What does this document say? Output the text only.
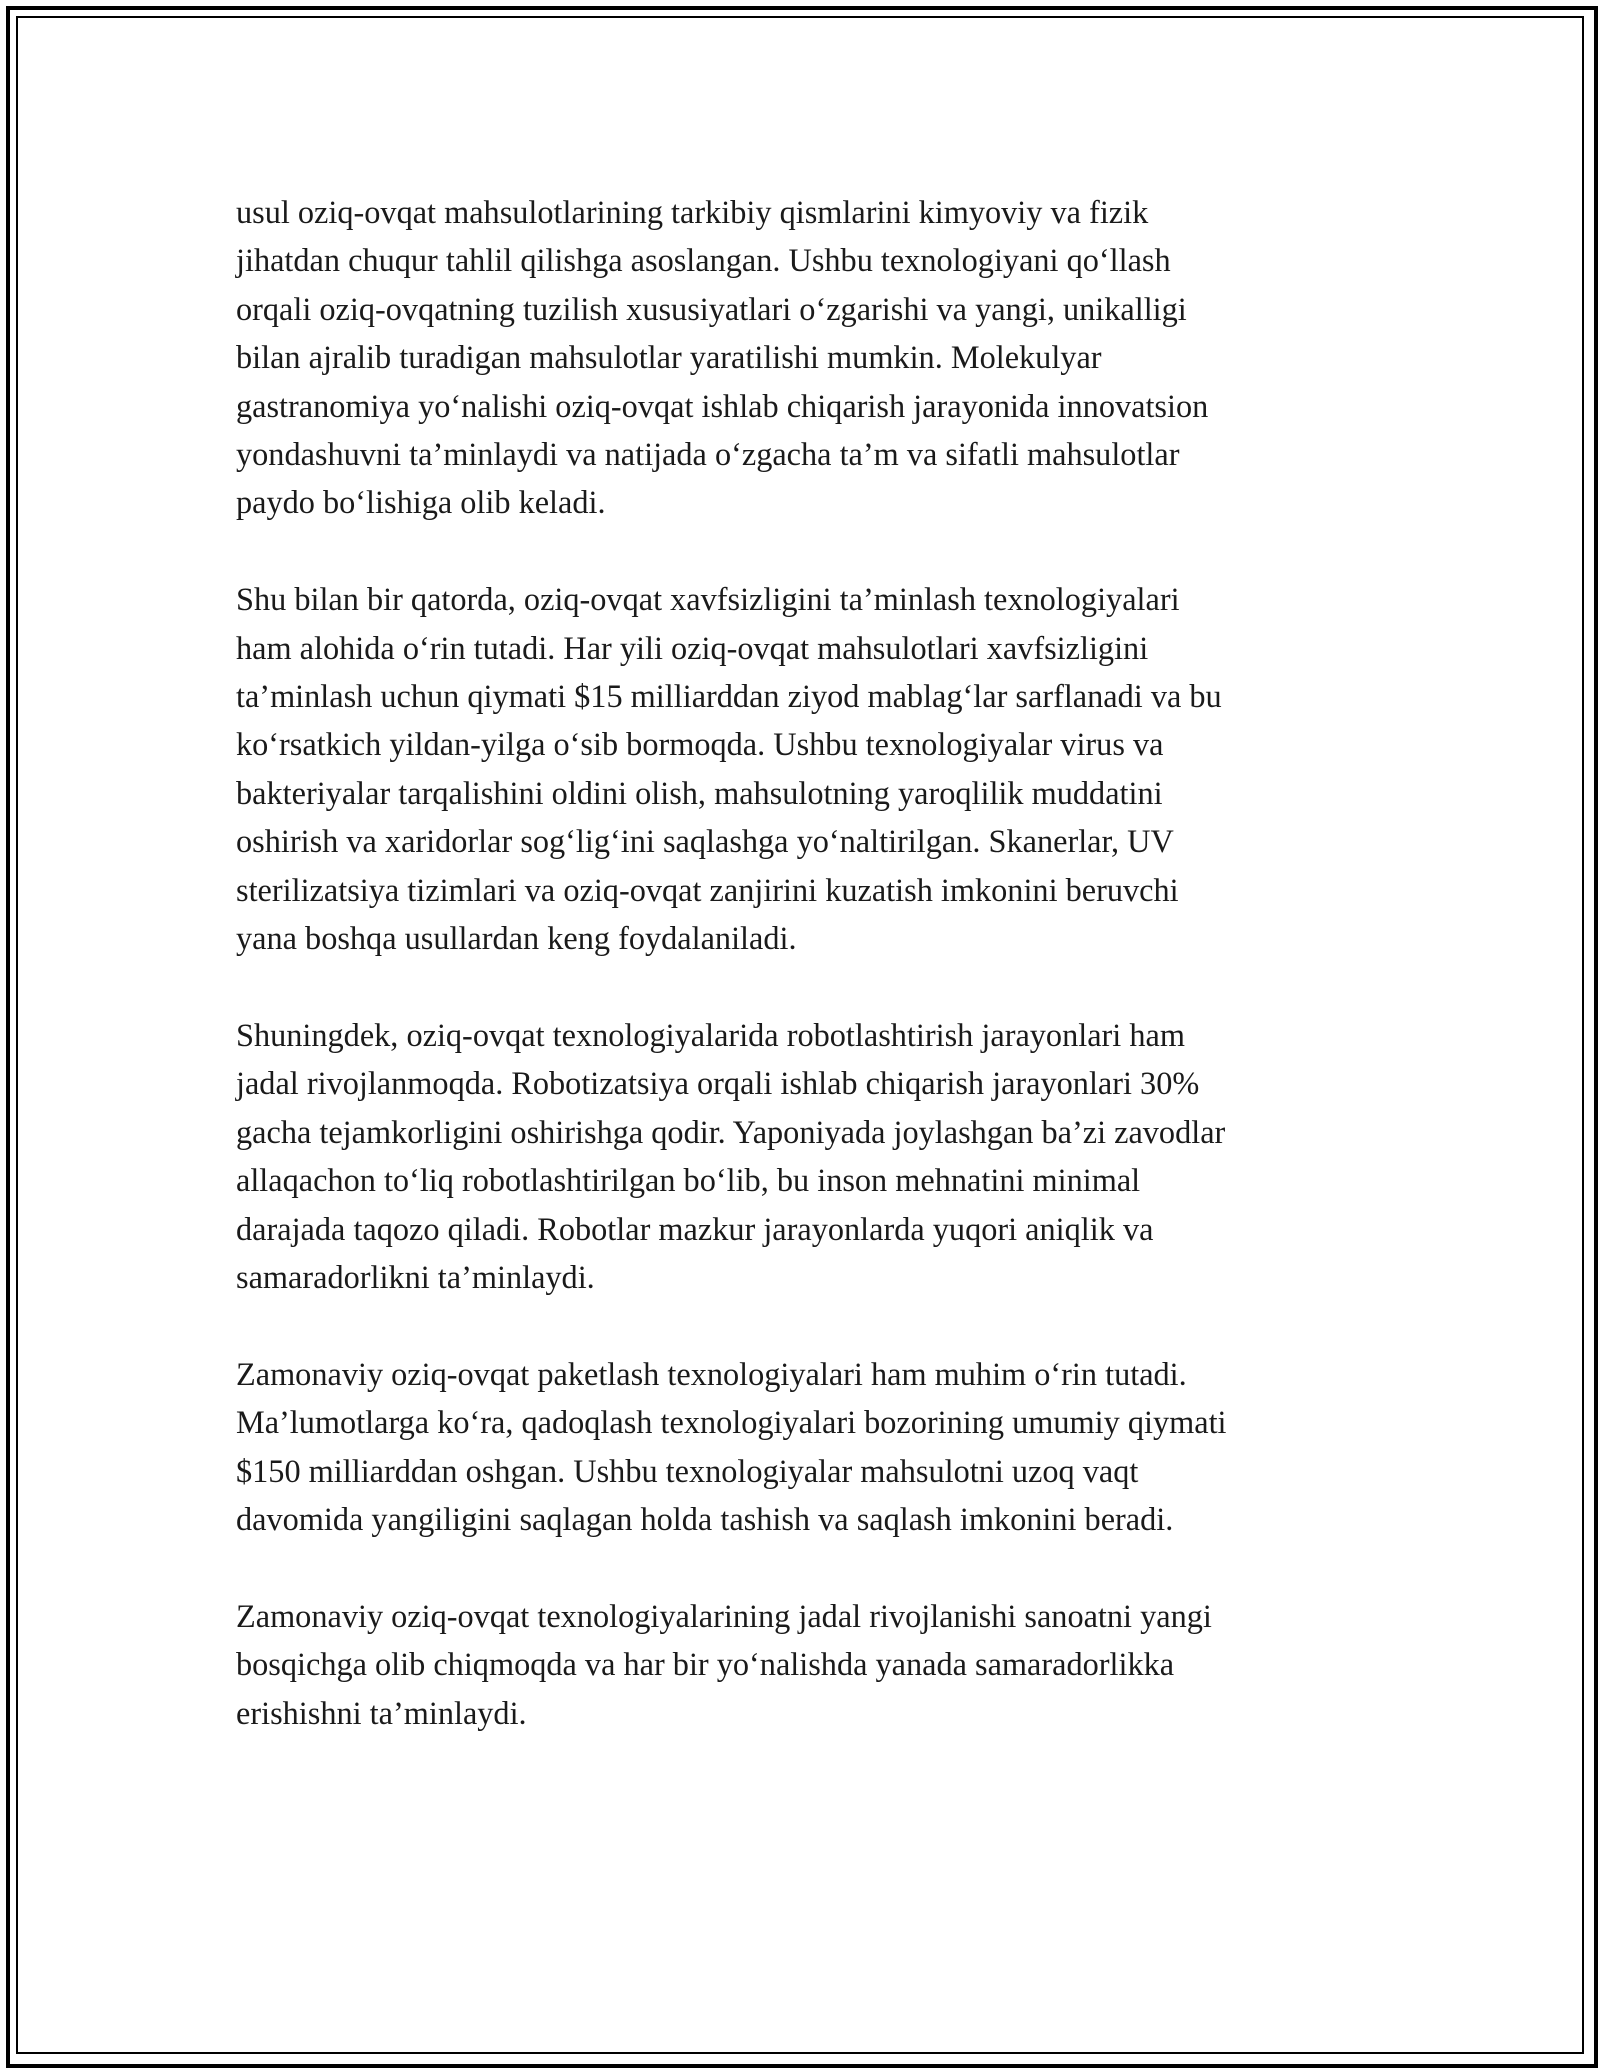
usul oziq-ovqat mahsulotlarining tarkibiy qismlarini kimyoviy va fizik
jihatdan chuqur tahlil qilishga asoslangan. Ushbu texnologiyani qo‘llash
orqali oziq-ovqatning tuzilish xususiyatlari o‘zgarishi va yangi, unikalligi
bilan ajralib turadigan mahsulotlar yaratilishi mumkin. Molekulyar
gastranomiya yo‘nalishi oziq-ovqat ishlab chiqarish jarayonida innovatsion
yondashuvni ta’minlaydi va natijada o‘zgacha ta’m va sifatli mahsulotlar
paydo bo‘lishiga olib keladi.

Shu bilan bir qatorda, oziq-ovqat xavfsizligini ta’minlash texnologiyalari
ham alohida o‘rin tutadi. Har yili oziq-ovqat mahsulotlari xavfsizligini
ta’minlash uchun qiymati $15 milliarddan ziyod mablag‘lar sarflanadi va bu
ko‘rsatkich yildan-yilga o‘sib bormoqda. Ushbu texnologiyalar virus va
bakteriyalar tarqalishini oldini olish, mahsulotning yaroqlilik muddatini
oshirish va xaridorlar sog‘lig‘ini saqlashga yo‘naltirilgan. Skanerlar, UV
sterilizatsiya tizimlari va oziq-ovqat zanjirini kuzatish imkonini beruvchi
yana boshqa usullardan keng foydalaniladi.

Shuningdek, oziq-ovqat texnologiyalarida robotlashtirish jarayonlari ham
jadal rivojlanmoqda. Robotizatsiya orqali ishlab chiqarish jarayonlari 30%
gacha tejamkorligini oshirishga qodir. Yaponiyada joylashgan ba’zi zavodlar
allaqachon to‘liq robotlashtirilgan bo‘lib, bu inson mehnatini minimal
darajada taqozo qiladi. Robotlar mazkur jarayonlarda yuqori aniqlik va
samaradorlikni ta’minlaydi.

Zamonaviy oziq-ovqat paketlash texnologiyalari ham muhim o‘rin tutadi.
Ma’lumotlarga ko‘ra, qadoqlash texnologiyalari bozorining umumiy qiymati
$150 milliarddan oshgan. Ushbu texnologiyalar mahsulotni uzoq vaqt
davomida yangiligini saqlagan holda tashish va saqlash imkonini beradi.

Zamonaviy oziq-ovqat texnologiyalarining jadal rivojlanishi sanoatni yangi
bosqichga olib chiqmoqda va har bir yo‘nalishda yanada samaradorlikka
erishishni ta’minlaydi.
